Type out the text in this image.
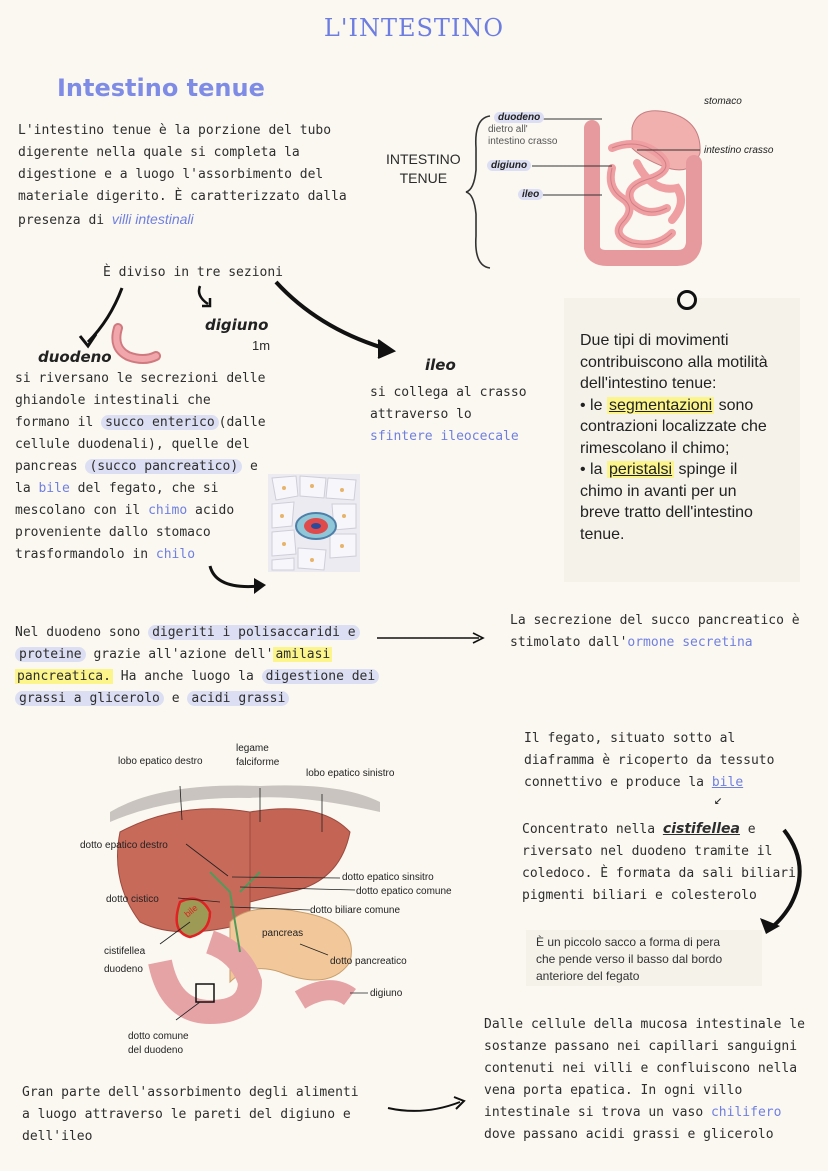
L'INTESTINO
Intestino tenue
L'intestino tenue è la porzione del tubo
digerente nella quale si completa la
digestione e a luogo l'assorbimento del
materiale digerito. È caratterizzato dalla
presenza di villi intestinali
INTESTINO
TENUE
duodeno
dietro all'
intestino crasso
digiuno
ileo
stomaco
intestino crasso
È diviso in tre sezioni
digiuno
1m
duodeno	ileo
si riversano le secrezioni delle
ghiandole intestinali che
formano il succo enterico (dalle
cellule duodenali), quelle del
pancreas (succo pancreatico) e
la bile del fegato, che si
mescolano con il chimo acido
proveniente dallo stomaco
trasformandolo in chilo
si collega al crasso
attraverso lo
sfintere ileocecale
Due tipi di movimenti
contribuiscono alla motilità
dell'intestino tenue:
• le segmentazioni sono
contrazioni localizzate che
rimescolano il chimo;
• la peristalsi spinge il
chimo in avanti per un
breve tratto dell'intestino
tenue.
Nel duodeno sono digeriti i polisaccaridi e
proteine grazie all'azione dell' amilasi
pancreatica. Ha anche luogo la digestione dei
grassi a glicerolo e acidi grassi
La secrezione del succo pancreatico è
stimolato dall'ormone secretina
lobo epatico destro
legame
falciforme
lobo epatico sinistro
dotto epatico destro
dotto epatico sinsitro
dotto epatico comune
dotto cistico
dotto biliare comune
bile
pancreas
cistifellea
duodeno
dotto pancreatico
digiuno
dotto comune
del duodeno
Il fegato, situato sotto al
diaframma è ricoperto da tessuto
connettivo e produce la bile
↙
Concentrato nella cistifellea e
riversato nel duodeno tramite il
coledoco. È formata da sali biliari,
pigmenti biliari e colesterolo
È un piccolo sacco a forma di pera
che pende verso il basso dal bordo
anteriore del fegato
Gran parte dell'assorbimento degli alimenti
a luogo attraverso le pareti del digiuno e
dell'ileo
Dalle cellule della mucosa intestinale le
sostanze passano nei capillari sanguigni
contenuti nei villi e confluiscono nella
vena porta epatica. In ogni villo
intestinale si trova un vaso chilifero
dove passano acidi grassi e glicerolo
